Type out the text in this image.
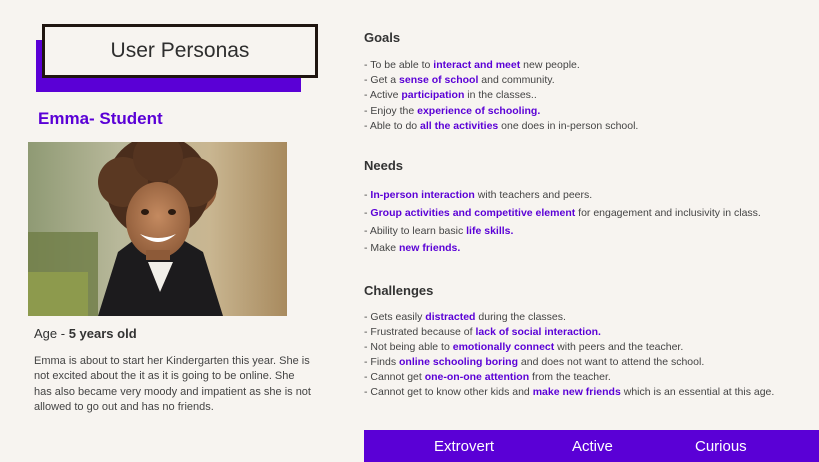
User Personas
Emma- Student
Age - 5 years old

Emma is about to start her Kindergarten this year. She is not excited about the it as it is going to be online. She has also became very moody and impatient as she is not allowed to go out and has no friends.

Goals
- To be able to interact and meet new people.
- Get a sense of school and community.
- Active participation in the classes..
- Enjoy the experience of schooling.
- Able to do all the activities one does in in-person school.
Needs
- In-person interaction with teachers and peers.
- Group activities and competitive element for engagement and inclusivity in class.
- Ability to learn basic life skills.
- Make new friends.
Challenges
- Gets easily distracted during the classes.
- Frustrated because of lack of social interaction.
- Not being able to emotionally connect with peers and the teacher.
- Finds online schooling boring and does not want to attend the school.
- Cannot get one-on-one attention from the teacher.
- Cannot get to know other kids and make new friends which is an essential at this age.
Extrovert	Active	Curious
